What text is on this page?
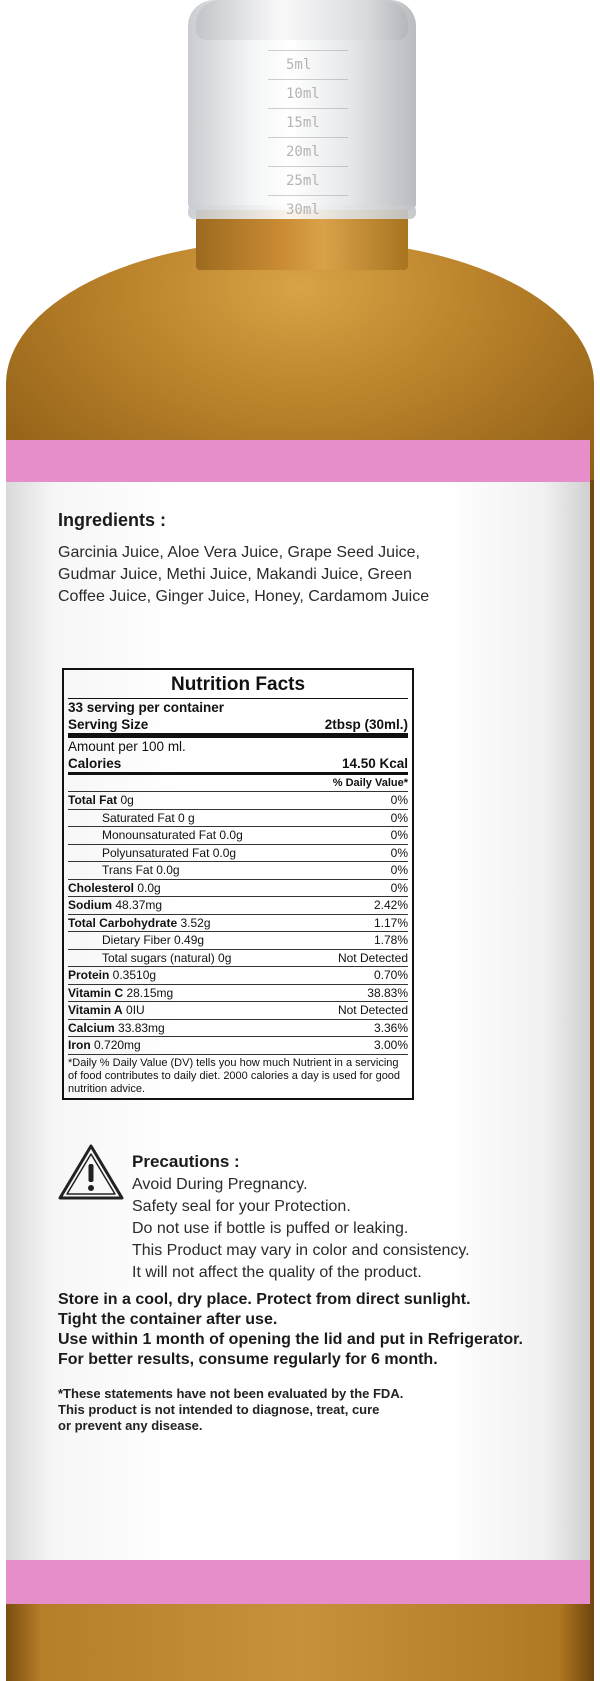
5ml
10ml
15ml
20ml
25ml
30ml
Ingredients :
Garcinia Juice, Aloe Vera Juice, Grape Seed Juice,
Gudmar Juice, Methi Juice, Makandi Juice, Green
Coffee Juice, Ginger Juice, Honey, Cardamom Juice
Nutrition Facts
33 serving per container
Serving Size	2tbsp (30ml.)
Amount per 100 ml.
Calories	14.50 Kcal
% Daily Value*
Total Fat 0g	0%
Saturated Fat 0 g	0%
Monounsaturated Fat 0.0g	0%
Polyunsaturated Fat 0.0g	0%
Trans Fat 0.0g	0%
Cholesterol 0.0g	0%
Sodium 48.37mg	2.42%
Total Carbohydrate 3.52g	1.17%
Dietary Fiber 0.49g	1.78%
Total sugars (natural) 0g	Not Detected
Protein 0.3510g	0.70%
Vitamin C 28.15mg	38.83%
Vitamin A 0IU	Not Detected
Calcium 33.83mg	3.36%
Iron 0.720mg	3.00%
*Daily % Daily Value (DV) tells you how much Nutrient in a servicing of food contributes to daily diet. 2000 calories a day is used for good nutrition advice.
Precautions :
Avoid During Pregnancy.
Safety seal for your Protection.
Do not use if bottle is puffed or leaking.
This Product may vary in color and consistency.
It will not affect the quality of the product.
Store in a cool, dry place. Protect from direct sunlight.
Tight the container after use.
Use within 1 month of opening the lid and put in Refrigerator.
For better results, consume regularly for 6 month.
*These statements have not been evaluated by the FDA.
This product is not intended to diagnose, treat, cure
or prevent any disease.
